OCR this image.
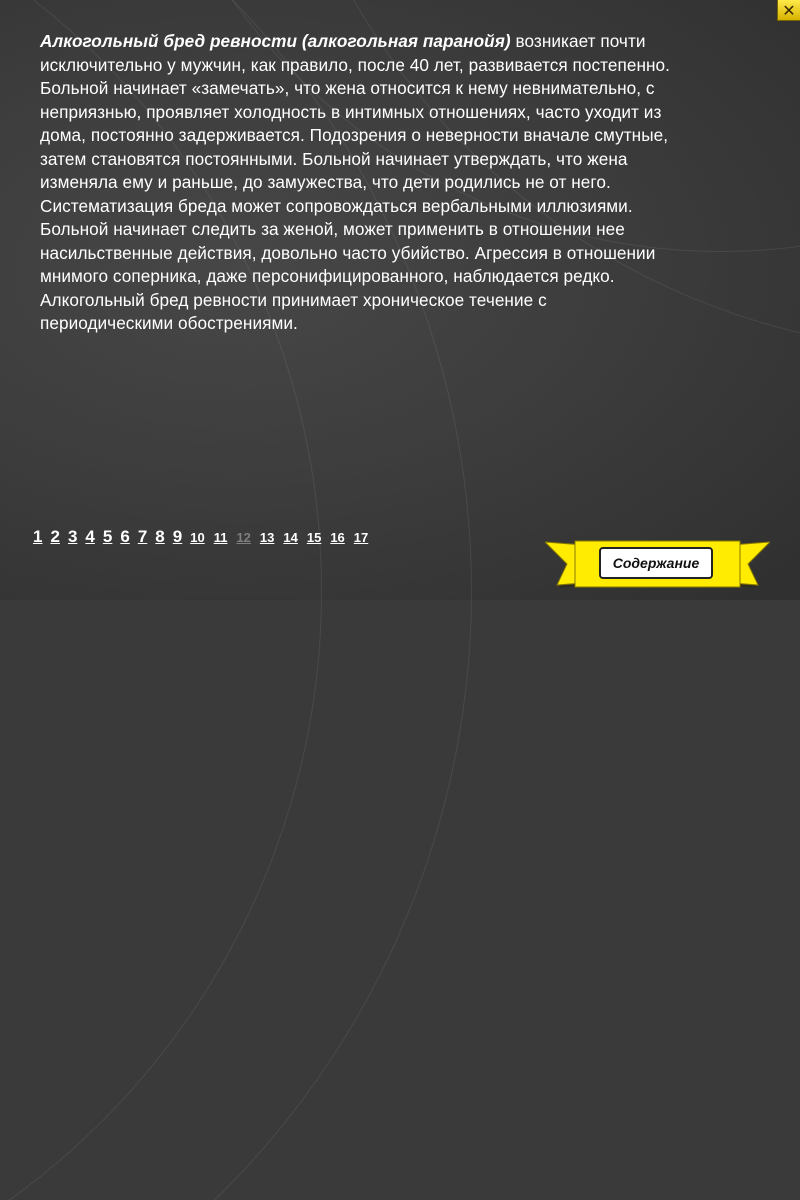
✕
Алкогольный бред ревности (алкогольная паранойя) возникает почти исключительно у мужчин, как правило, после 40 лет, развивается постепенно. Больной начинает «замечать», что жена относится к нему невнимательно, с неприязнью, проявляет холодность в интимных отношениях, часто уходит из дома, постоянно задерживается. Подозрения о неверности вначале смутные, затем становятся постоянными. Больной начинает утверждать, что жена изменяла ему и раньше, до замужества, что дети родились не от него. Систематизация бреда может сопровождаться вербальными иллюзиями. Больной начинает следить за женой, может применить в отношении нее насильственные действия, довольно часто убийство. Агрессия в отношении мнимого соперника, даже персонифицированного, наблюдается редко. Алкогольный бред ревности принимает хроническое течение с периодическими обострениями.
1 2 3 4 5 6 7 8 9 10 11 12 13 14 15 16 17
Содержание
